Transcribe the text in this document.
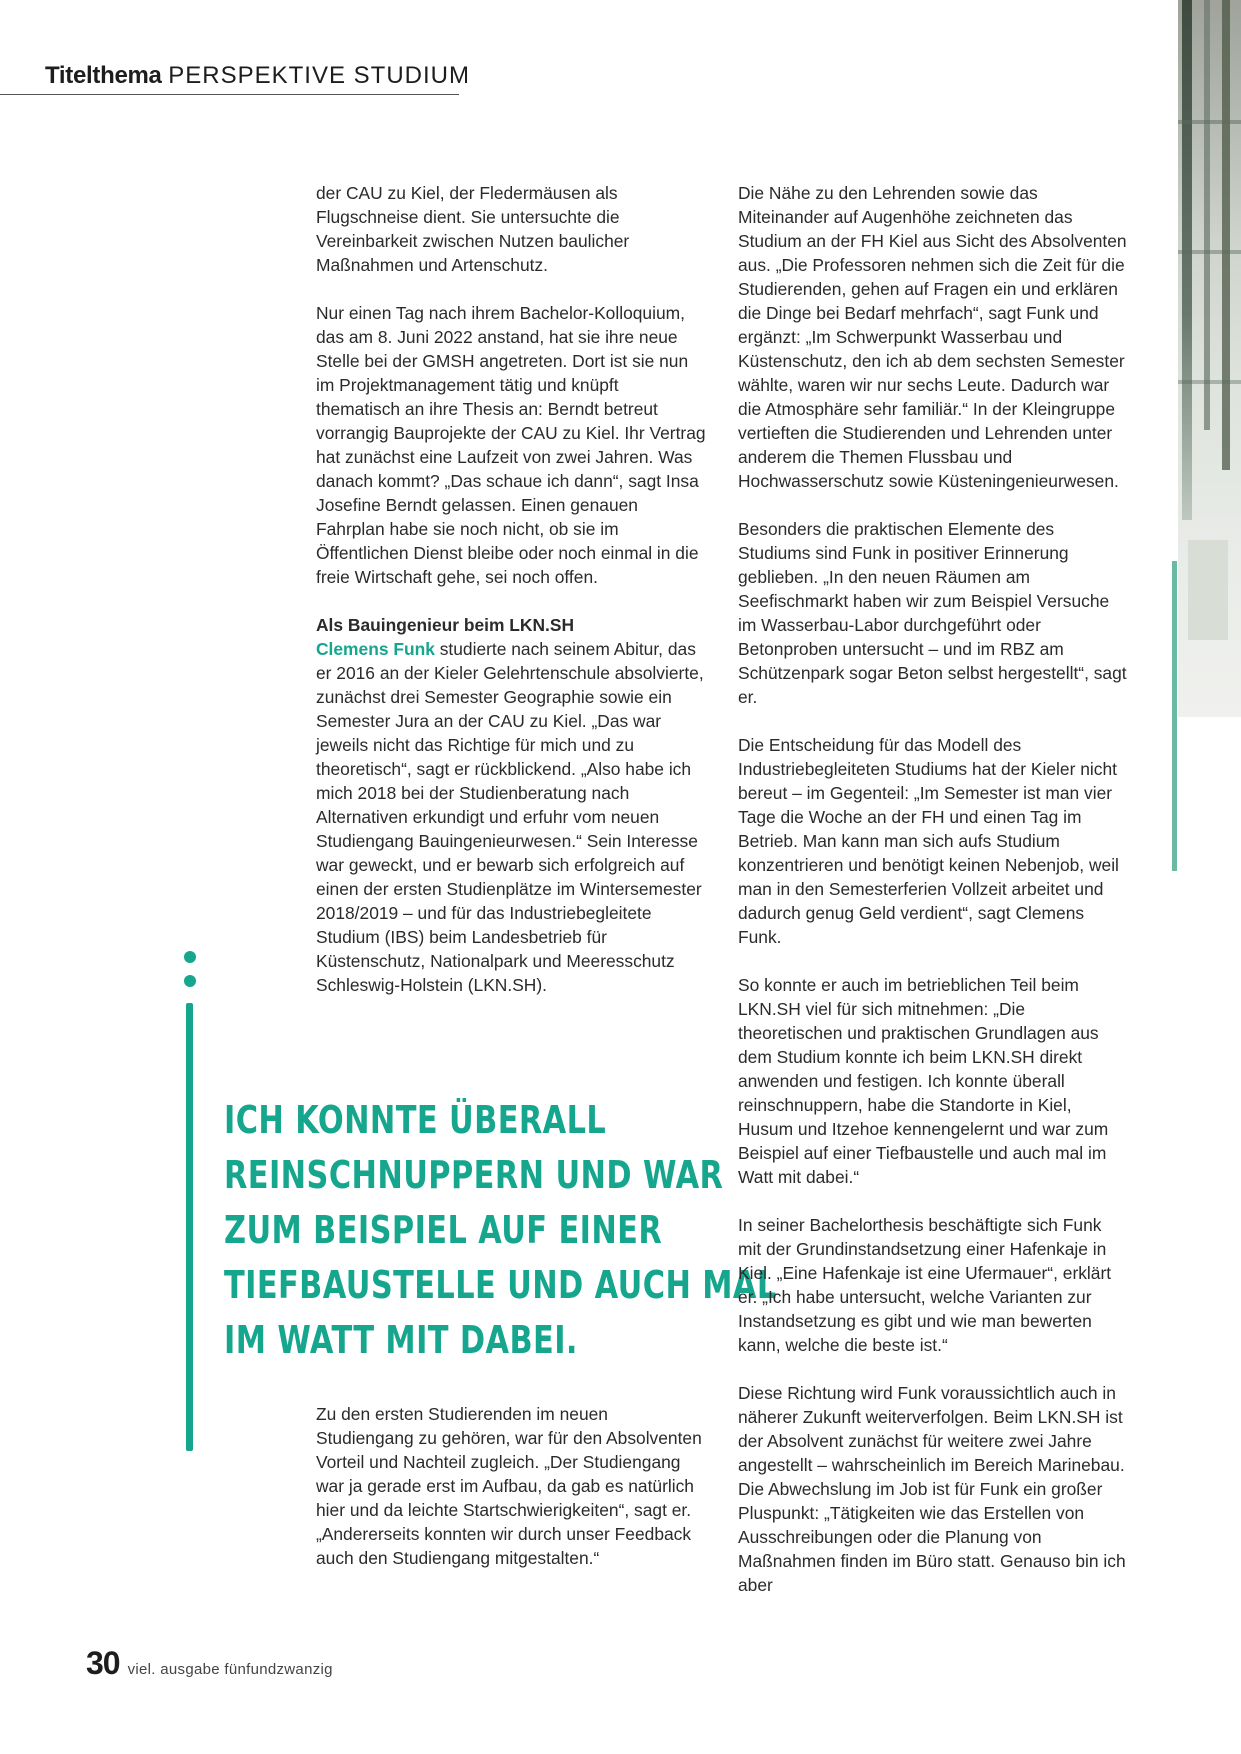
Titelthema PERSPEKTIVE STUDIUM

der CAU zu Kiel, der Fledermäusen als Flugschneise dient. Sie untersuchte die Vereinbarkeit zwischen Nutzen baulicher Maßnahmen und Artenschutz.

Nur einen Tag nach ihrem Bachelor-Kolloquium, das am 8. Juni 2022 anstand, hat sie ihre neue Stelle bei der GMSH angetreten. Dort ist sie nun im Projektmanagement tätig und knüpft thematisch an ihre Thesis an: Berndt betreut vorrangig Bauprojekte der CAU zu Kiel. Ihr Vertrag hat zunächst eine Laufzeit von zwei Jahren. Was danach kommt? „Das schaue ich dann“, sagt Insa Josefine Berndt gelassen. Einen genauen Fahrplan habe sie noch nicht, ob sie im Öffentlichen Dienst bleibe oder noch einmal in die freie Wirtschaft gehe, sei noch offen.

Als Bauingenieur beim LKN.SH
Clemens Funk studierte nach seinem Abitur, das er 2016 an der Kieler Gelehrtenschule absolvierte, zunächst drei Semester Geographie sowie ein Semester Jura an der CAU zu Kiel. „Das war jeweils nicht das Richtige für mich und zu theoretisch“, sagt er rückblickend. „Also habe ich mich 2018 bei der Studienberatung nach Alternativen erkundigt und erfuhr vom neuen Studiengang Bauingenieurwesen.“ Sein Interesse war geweckt, und er bewarb sich erfolgreich auf einen der ersten Studienplätze im Wintersemester 2018/2019 – und für das Industriebegleitete Studium (IBS) beim Landesbetrieb für Küstenschutz, Nationalpark und Meeresschutz Schleswig-Holstein (LKN.SH).

ICH KONNTE ÜBERALL
REINSCHNUPPERN UND WAR
ZUM BEISPIEL AUF EINER
TIEFBAUSTELLE UND AUCH MAL
IM WATT MIT DABEI.

Zu den ersten Studierenden im neuen Studiengang zu gehören, war für den Absolventen Vorteil und Nachteil zugleich. „Der Studiengang war ja gerade erst im Aufbau, da gab es natürlich hier und da leichte Startschwierigkeiten“, sagt er. „Andererseits konnten wir durch unser Feedback auch den Studiengang mitgestalten.“

Die Nähe zu den Lehrenden sowie das Miteinander auf Augenhöhe zeichneten das Studium an der FH Kiel aus Sicht des Absolventen aus. „Die Professoren nehmen sich die Zeit für die Studierenden, gehen auf Fragen ein und erklären die Dinge bei Bedarf mehrfach“, sagt Funk und ergänzt: „Im Schwerpunkt Wasserbau und Küstenschutz, den ich ab dem sechsten Semester wählte, waren wir nur sechs Leute. Dadurch war die Atmosphäre sehr familiär.“ In der Kleingruppe vertieften die Studierenden und Lehrenden unter anderem die Themen Flussbau und Hochwasserschutz sowie Küsteningenieurwesen.

Besonders die praktischen Elemente des Studiums sind Funk in positiver Erinnerung geblieben. „In den neuen Räumen am Seefischmarkt haben wir zum Beispiel Versuche im Wasserbau-Labor durchgeführt oder Betonproben untersucht – und im RBZ am Schützenpark sogar Beton selbst hergestellt“, sagt er.

Die Entscheidung für das Modell des Industriebegleiteten Studiums hat der Kieler nicht bereut – im Gegenteil: „Im Semester ist man vier Tage die Woche an der FH und einen Tag im Betrieb. Man kann man sich aufs Studium konzentrieren und benötigt keinen Nebenjob, weil man in den Semesterferien Vollzeit arbeitet und dadurch genug Geld verdient“, sagt Clemens Funk.

So konnte er auch im betrieblichen Teil beim LKN.SH viel für sich mitnehmen: „Die theoretischen und praktischen Grundlagen aus dem Studium konnte ich beim LKN.SH direkt anwenden und festigen. Ich konnte überall reinschnuppern, habe die Standorte in Kiel, Husum und Itzehoe kennengelernt und war zum Beispiel auf einer Tiefbaustelle und auch mal im Watt mit dabei.“

In seiner Bachelorthesis beschäftigte sich Funk mit der Grundinstandsetzung einer Hafenkaje in Kiel. „Eine Hafenkaje ist eine Ufermauer“, erklärt er. „Ich habe untersucht, welche Varianten zur Instandsetzung es gibt und wie man bewerten kann, welche die beste ist.“

Diese Richtung wird Funk voraussichtlich auch in näherer Zukunft weiterverfolgen. Beim LKN.SH ist der Absolvent zunächst für weitere zwei Jahre angestellt – wahrscheinlich im Bereich Marinebau. Die Abwechslung im Job ist für Funk ein großer Pluspunkt: „Tätigkeiten wie das Erstellen von Ausschreibungen oder die Planung von Maßnahmen finden im Büro statt. Genauso bin ich aber

30 viel. ausgabe fünfundzwanzig
